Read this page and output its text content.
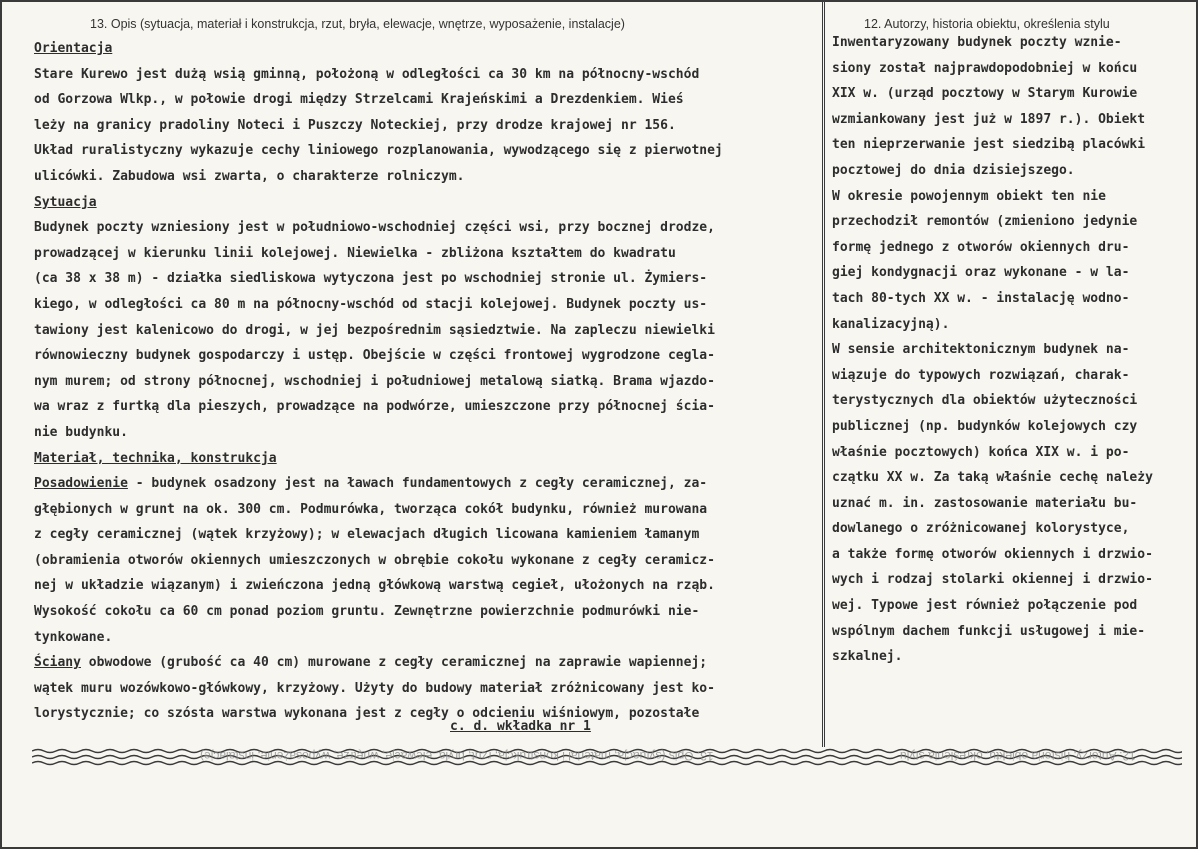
13. Opis (sytuacja, materiał i konstrukcja, rzut, bryła, elewacje, wnętrze, wyposażenie, instalacje)	12. Autorzy, historia obiektu, określenia stylu
Orientacja
Stare Kurewo jest dużą wsią gminną, położoną w odległości ca 30 km na północny-wschód
od Gorzowa Wlkp., w połowie drogi między Strzelcami Krajeńskimi a Drezdenkiem. Wieś
leży na granicy pradoliny Noteci i Puszczy Noteckiej, przy drodze krajowej nr 156.
Układ ruralistyczny wykazuje cechy liniowego rozplanowania, wywodzącego się z pierwotnej
ulicówki. Zabudowa wsi zwarta, o charakterze rolniczym.
Sytuacja
Budynek poczty wzniesiony jest w południowo-wschodniej części wsi, przy bocznej drodze,
prowadzącej w kierunku linii kolejowej. Niewielka - zbliżona kształtem do kwadratu
(ca 38 x 38 m) - działka siedliskowa wytyczona jest po wschodniej stronie ul. Żymiers-
kiego, w odległości ca 80 m na północny-wschód od stacji kolejowej. Budynek poczty us-
tawiony jest kalenicowo do drogi, w jej bezpośrednim sąsiedztwie. Na zapleczu niewielki
równowieczny budynek gospodarczy i ustęp. Obejście w części frontowej wygrodzone cegla-
nym murem; od strony północnej, wschodniej i południowej metalową siatką. Brama wjazdo-
wa wraz z furtką dla pieszych, prowadzące na podwórze, umieszczone przy północnej ścia-
nie budynku.
Materiał, technika, konstrukcja
Posadowienie - budynek osadzony jest na ławach fundamentowych z cegły ceramicznej, za-
głębionych w grunt na ok. 300 cm. Podmurówka, tworząca cokół budynku, również murowana
z cegły ceramicznej (wątek krzyżowy); w elewacjach długich licowana kamieniem łamanym
(obramienia otworów okiennych umieszczonych w obrębie cokołu wykonane z cegły ceramicz-
nej w układzie wiązanym) i zwieńczona jedną główkową warstwą cegieł, ułożonych na rząb.
Wysokość cokołu ca 60 cm ponad poziom gruntu. Zewnętrzne powierzchnie podmurówki nie-
tynkowane.
Ściany obwodowe (grubość ca 40 cm) murowane z cegły ceramicznej na zaprawie wapiennej;
wątek muru wozówkowo-główkowy, krzyżowy. Użyty do budowy materiał zróżnicowany jest ko-
lorystycznie; co szósta warstwa wykonana jest z cegły o odcieniu wiśniowym, pozostałe
Inwentaryzowany budynek poczty wznie-
siony został najprawdopodobniej w końcu
XIX w. (urząd pocztowy w Starym Kurowie
wzmiankowany jest już w 1897 r.). Obiekt
ten nieprzerwanie jest siedzibą placówki
pocztowej do dnia dzisiejszego.
W okresie powojennym obiekt ten nie
przechodził remontów (zmieniono jedynie
formę jednego z otworów okiennych dru-
giej kondygnacji oraz wykonane - w la-
tach 80-tych XX w. - instalację wodno-
kanalizacyjną).
W sensie architektonicznym budynek na-
wiązuje do typowych rozwiązań, charak-
terystycznych dla obiektów użyteczności
publicznej (np. budynków kolejowych czy
właśnie pocztowych) końca XIX w. i po-
czątku XX w. Za taką właśnie cechę należy
uznać m. in. zastosowanie materiału bu-
dowlanego o zróżnicowanej kolorystyce,
a także formę otworów okiennych i drzwio-
wych i rodzaj stolarki okiennej i drzwio-
wej. Typowe jest również połączenie pod
wspólnym dachem funkcji usługowej i mie-
szkalnej.
c. d. wkładka nr 1
13. Opis (sytuacja, materiał i konstrukcja, rzut, bryła, elewacje, wnętrze, wyposażenie, instalacje)	12. Autorzy, historia obiektu, określenia stylu
